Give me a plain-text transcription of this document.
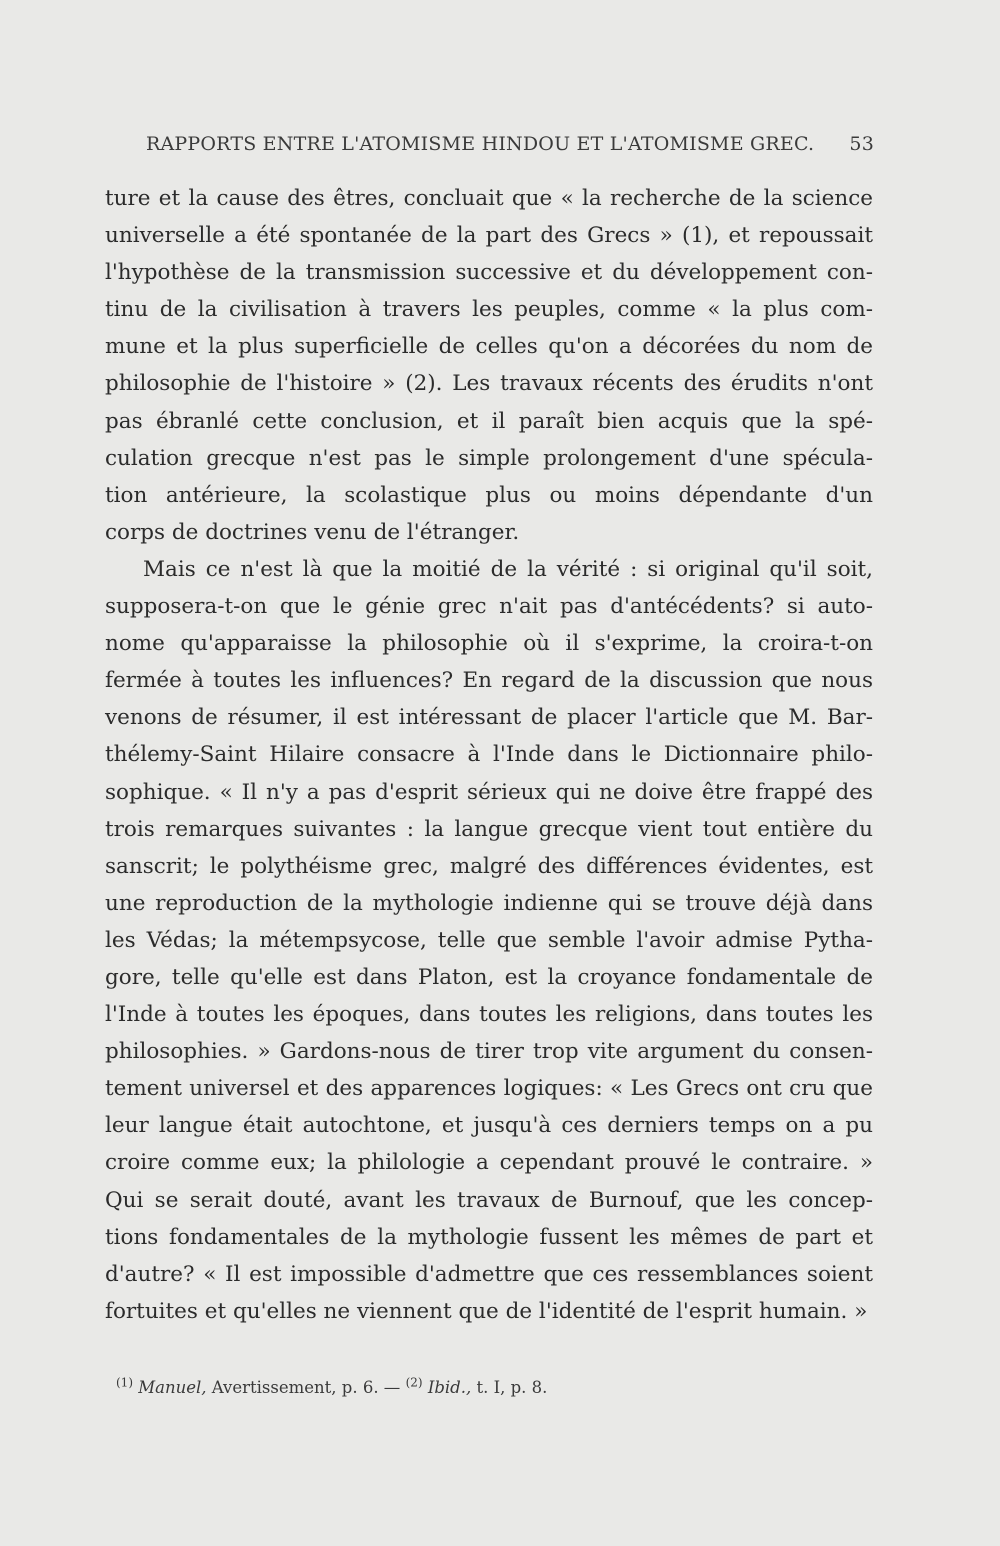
RAPPORTS ENTRE L'ATOMISME HINDOU ET L'ATOMISME GREC. 53
ture et la cause des êtres, concluait que « la recherche de la science
universelle a été spontanée de la part des Grecs » (1), et repoussait
l'hypothèse de la transmission successive et du développement con-
tinu de la civilisation à travers les peuples, comme « la plus com-
mune et la plus superficielle de celles qu'on a décorées du nom de
philosophie de l'histoire » (2). Les travaux récents des érudits n'ont
pas ébranlé cette conclusion, et il paraît bien acquis que la spé-
culation grecque n'est pas le simple prolongement d'une spécula-
tion antérieure, la scolastique plus ou moins dépendante d'un
corps de doctrines venu de l'étranger.
Mais ce n'est là que la moitié de la vérité : si original qu'il soit,
supposera-t-on que le génie grec n'ait pas d'antécédents? si auto-
nome qu'apparaisse la philosophie où il s'exprime, la croira-t-on
fermée à toutes les influences? En regard de la discussion que nous
venons de résumer, il est intéressant de placer l'article que M. Bar-
thélemy-Saint Hilaire consacre à l'Inde dans le Dictionnaire philo-
sophique. « Il n'y a pas d'esprit sérieux qui ne doive être frappé des
trois remarques suivantes : la langue grecque vient tout entière du
sanscrit; le polythéisme grec, malgré des différences évidentes, est
une reproduction de la mythologie indienne qui se trouve déjà dans
les Védas; la métempsycose, telle que semble l'avoir admise Pytha-
gore, telle qu'elle est dans Platon, est la croyance fondamentale de
l'Inde à toutes les époques, dans toutes les religions, dans toutes les
philosophies. » Gardons-nous de tirer trop vite argument du consen-
tement universel et des apparences logiques: « Les Grecs ont cru que
leur langue était autochtone, et jusqu'à ces derniers temps on a pu
croire comme eux; la philologie a cependant prouvé le contraire. »
Qui se serait douté, avant les travaux de Burnouf, que les concep-
tions fondamentales de la mythologie fussent les mêmes de part et
d'autre? « Il est impossible d'admettre que ces ressemblances soient
fortuites et qu'elles ne viennent que de l'identité de l'esprit humain. »
$^{(1)}$ Manuel, Avertissement, p. 6. — $^{(2)}$ Ibid., t. I, p. 8.
